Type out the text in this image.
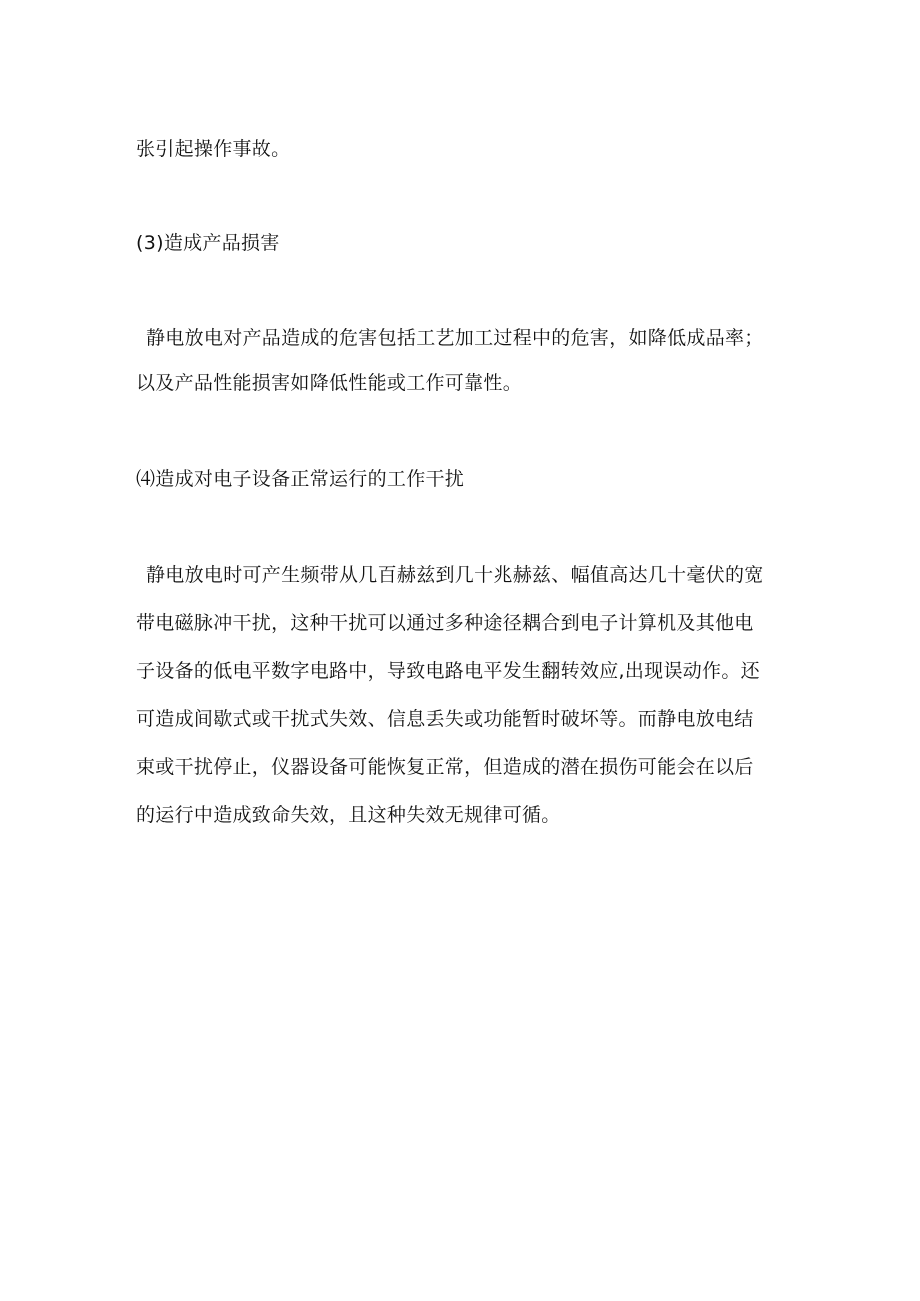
张引起操作事故。
(3)造成产品损害
静电放电对产品造成的危害包括工艺加工过程中的危害，如降低成品率；
以及产品性能损害如降低性能或工作可靠性。
⑷造成对电子设备正常运行的工作干扰
静电放电时可产生频带从几百赫兹到几十兆赫兹、幅值高达几十毫伏的宽
带电磁脉冲干扰，这种干扰可以通过多种途径耦合到电子计算机及其他电
子设备的低电平数字电路中，导致电路电平发生翻转效应,出现误动作。还
可造成间歇式或干扰式失效、信息丢失或功能暂时破坏等。而静电放电结
束或干扰停止，仪器设备可能恢复正常，但造成的潜在损伤可能会在以后
的运行中造成致命失效，且这种失效无规律可循。
